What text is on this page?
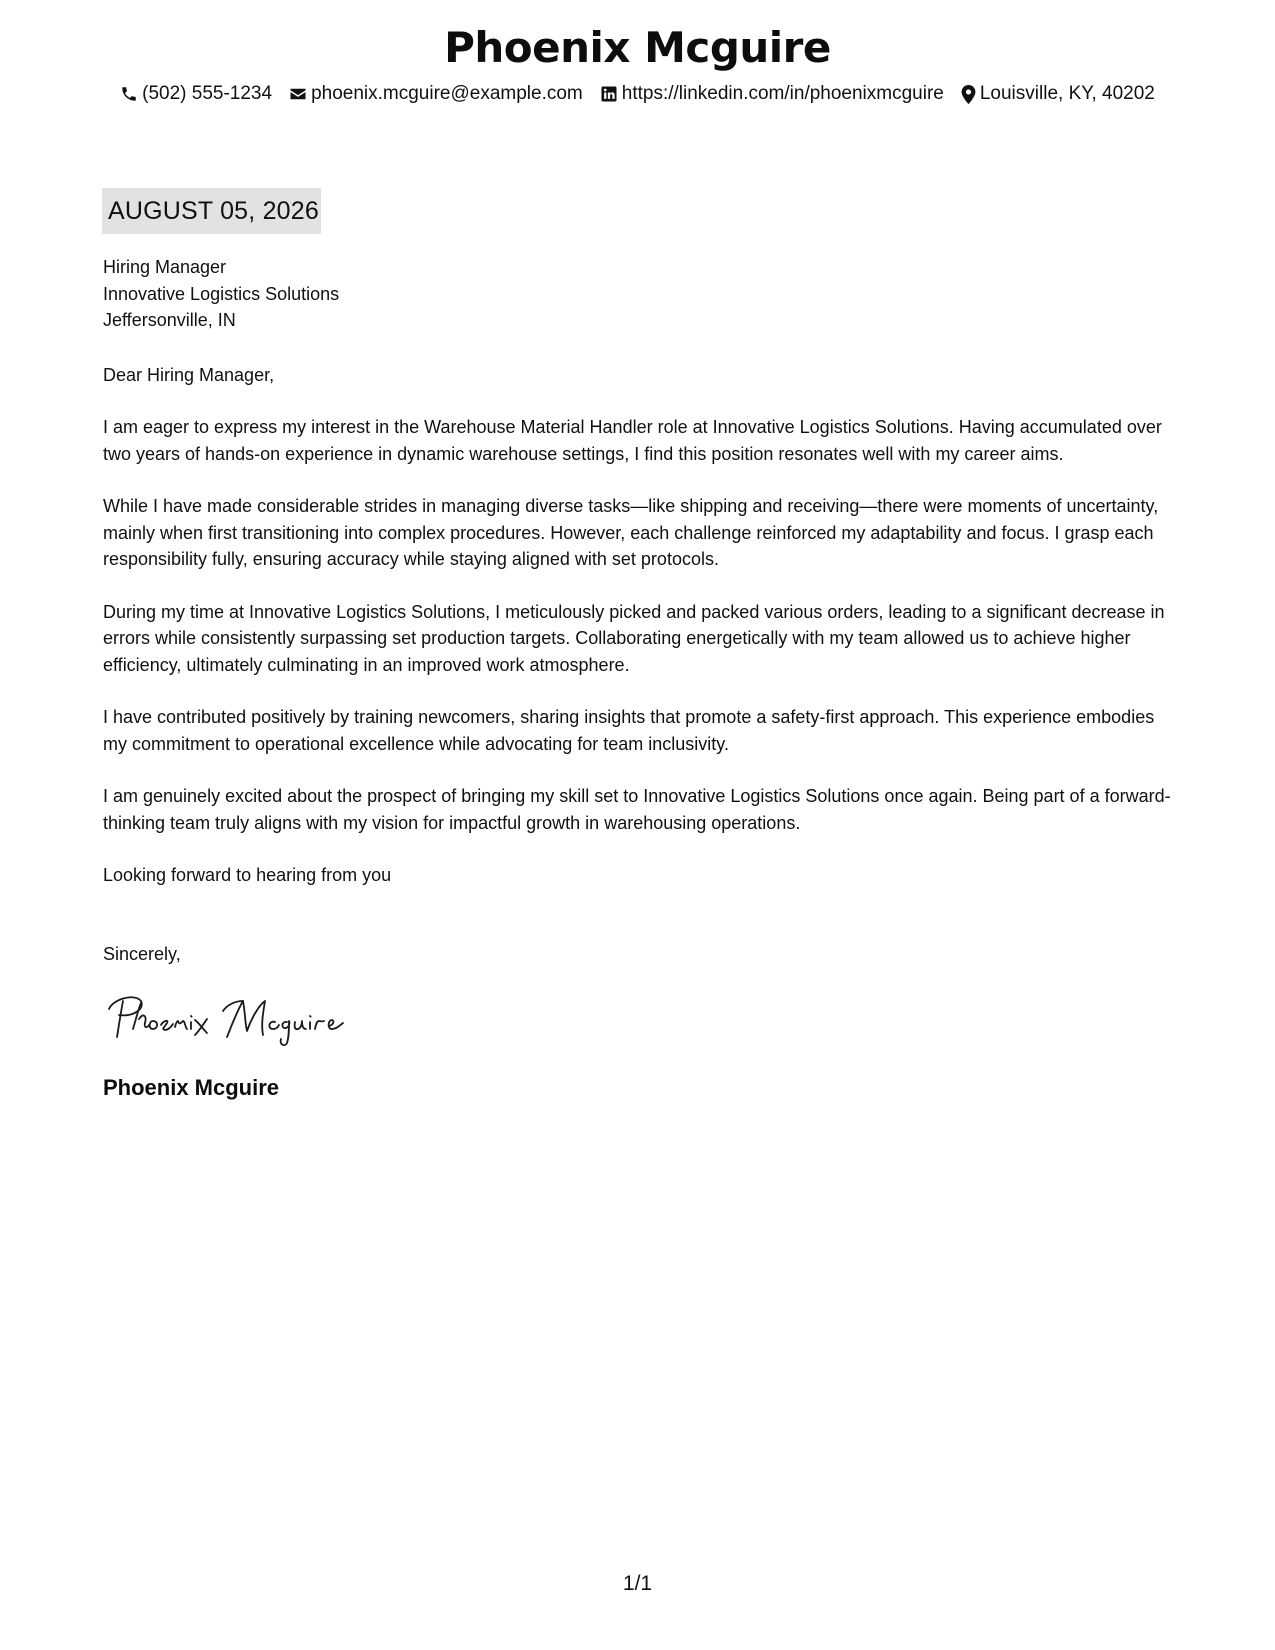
Phoenix Mcguire
(502) 555-1234 phoenix.mcguire@example.com https://linkedin.com/in/phoenixmcguire Louisville, KY, 40202
AUGUST 05, 2026
Hiring Manager
Innovative Logistics Solutions
Jeffersonville, IN
Dear Hiring Manager,

I am eager to express my interest in the Warehouse Material Handler role at Innovative Logistics Solutions. Having accumulated over two years of hands-on experience in dynamic warehouse settings, I find this position resonates well with my career aims.

While I have made considerable strides in managing diverse tasks—like shipping and receiving—there were moments of uncertainty, mainly when first transitioning into complex procedures. However, each challenge reinforced my adaptability and focus. I grasp each responsibility fully, ensuring accuracy while staying aligned with set protocols.

During my time at Innovative Logistics Solutions, I meticulously picked and packed various orders, leading to a significant decrease in errors while consistently surpassing set production targets. Collaborating energetically with my team allowed us to achieve higher efficiency, ultimately culminating in an improved work atmosphere.

I have contributed positively by training newcomers, sharing insights that promote a safety-first approach. This experience embodies my commitment to operational excellence while advocating for team inclusivity.

I am genuinely excited about the prospect of bringing my skill set to Innovative Logistics Solutions once again. Being part of a forward-thinking team truly aligns with my vision for impactful growth in warehousing operations.

Looking forward to hearing from you
Sincerely,
Phoenix Mcguire
1/1
